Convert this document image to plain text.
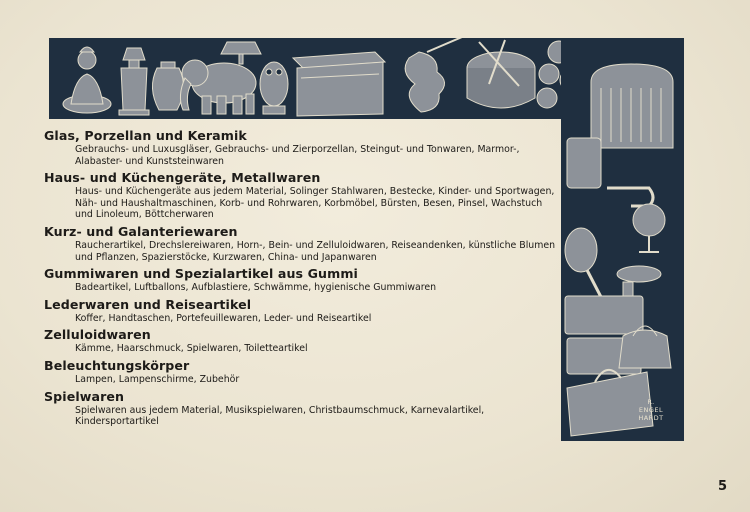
R.
ENGEL
HARDT
Glas, Porzellan und Keramik

Gebrauchs- und Luxusgläser, Gebrauchs- und Zierporzellan, Steingut- und Tonwaren, Marmor-, Alabaster- und Kunststeinwaren

Haus- und Küchengeräte, Metallwaren

Haus- und Küchengeräte aus jedem Material, Solinger Stahlwaren, Bestecke, Kinder- und Sportwagen, Näh- und Haushaltmaschinen, Korb- und Rohrwaren, Korbmöbel, Bürsten, Besen, Pinsel, Wachstuch und Linoleum, Böttcherwaren

Kurz- und Galanteriewaren

Raucherartikel, Drechslereiwaren, Horn-, Bein- und Zelluloidwaren, Reiseandenken, künstliche Blumen und Pflanzen, Spazierstöcke, Kurzwaren, China- und Japanwaren

Gummiwaren und Spezialartikel aus Gummi

Badeartikel, Luftballons, Aufblastiere, Schwämme, hygienische Gummiwaren

Lederwaren und Reiseartikel

Koffer, Handtaschen, Portefeuillewaren, Leder- und Reiseartikel

Zelluloidwaren

Kämme, Haarschmuck, Spielwaren, Toiletteartikel

Beleuchtungskörper

Lampen, Lampenschirme, Zubehör

Spielwaren

Spielwaren aus jedem Material, Musikspielwaren, Christbaumschmuck, Karnevalartikel, Kindersportartikel

5
